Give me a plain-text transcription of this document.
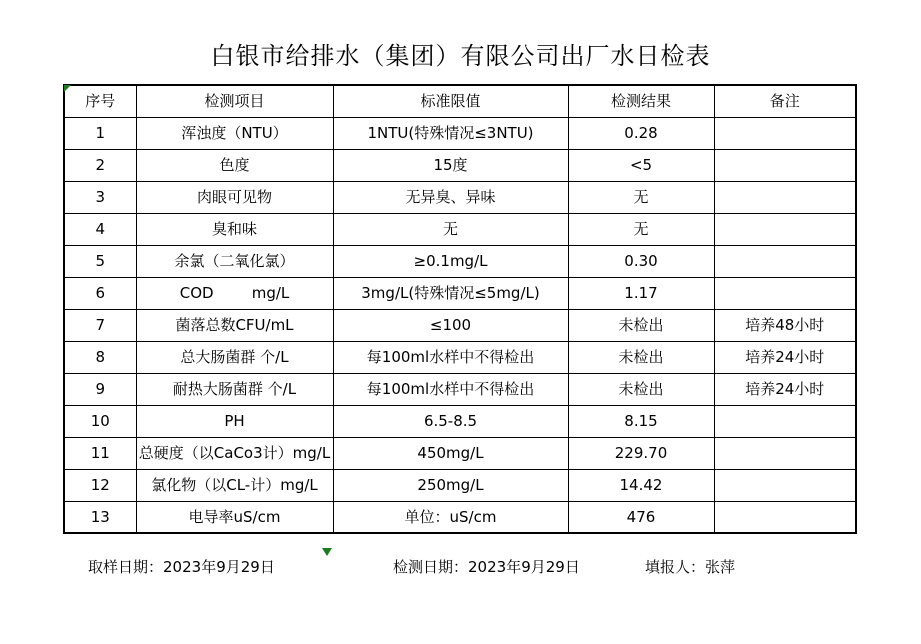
白银市给排水（集团）有限公司出厂水日检表
序号	检测项目	标准限值	检测结果	备注
1	浑浊度（NTU）	1NTU(特殊情况≤3NTU)	0.28	
2	色度	15度	<5	
3	肉眼可见物	无异臭、异味	无	
4	臭和味	无	无	
5	余氯（二氧化氯）	≥0.1mg/L	0.30	
6	COD        mg/L	3mg/L(特殊情况≤5mg/L)	1.17	
7	菌落总数CFU/mL	≤100	未检出	培养48小时
8	总大肠菌群 个/L	每100ml水样中不得检出	未检出	培养24小时
9	耐热大肠菌群 个/L	每100ml水样中不得检出	未检出	培养24小时
10	PH	6.5-8.5	8.15	
11	总硬度（以CaCo3计）mg/L	450mg/L	229.70	
12	氯化物（以CL-计）mg/L	250mg/L	14.42	
13	电导率uS/cm	单位：uS/cm	476	
取样日期：2023年9月29日	检测日期：2023年9月29日	填报人：张萍
